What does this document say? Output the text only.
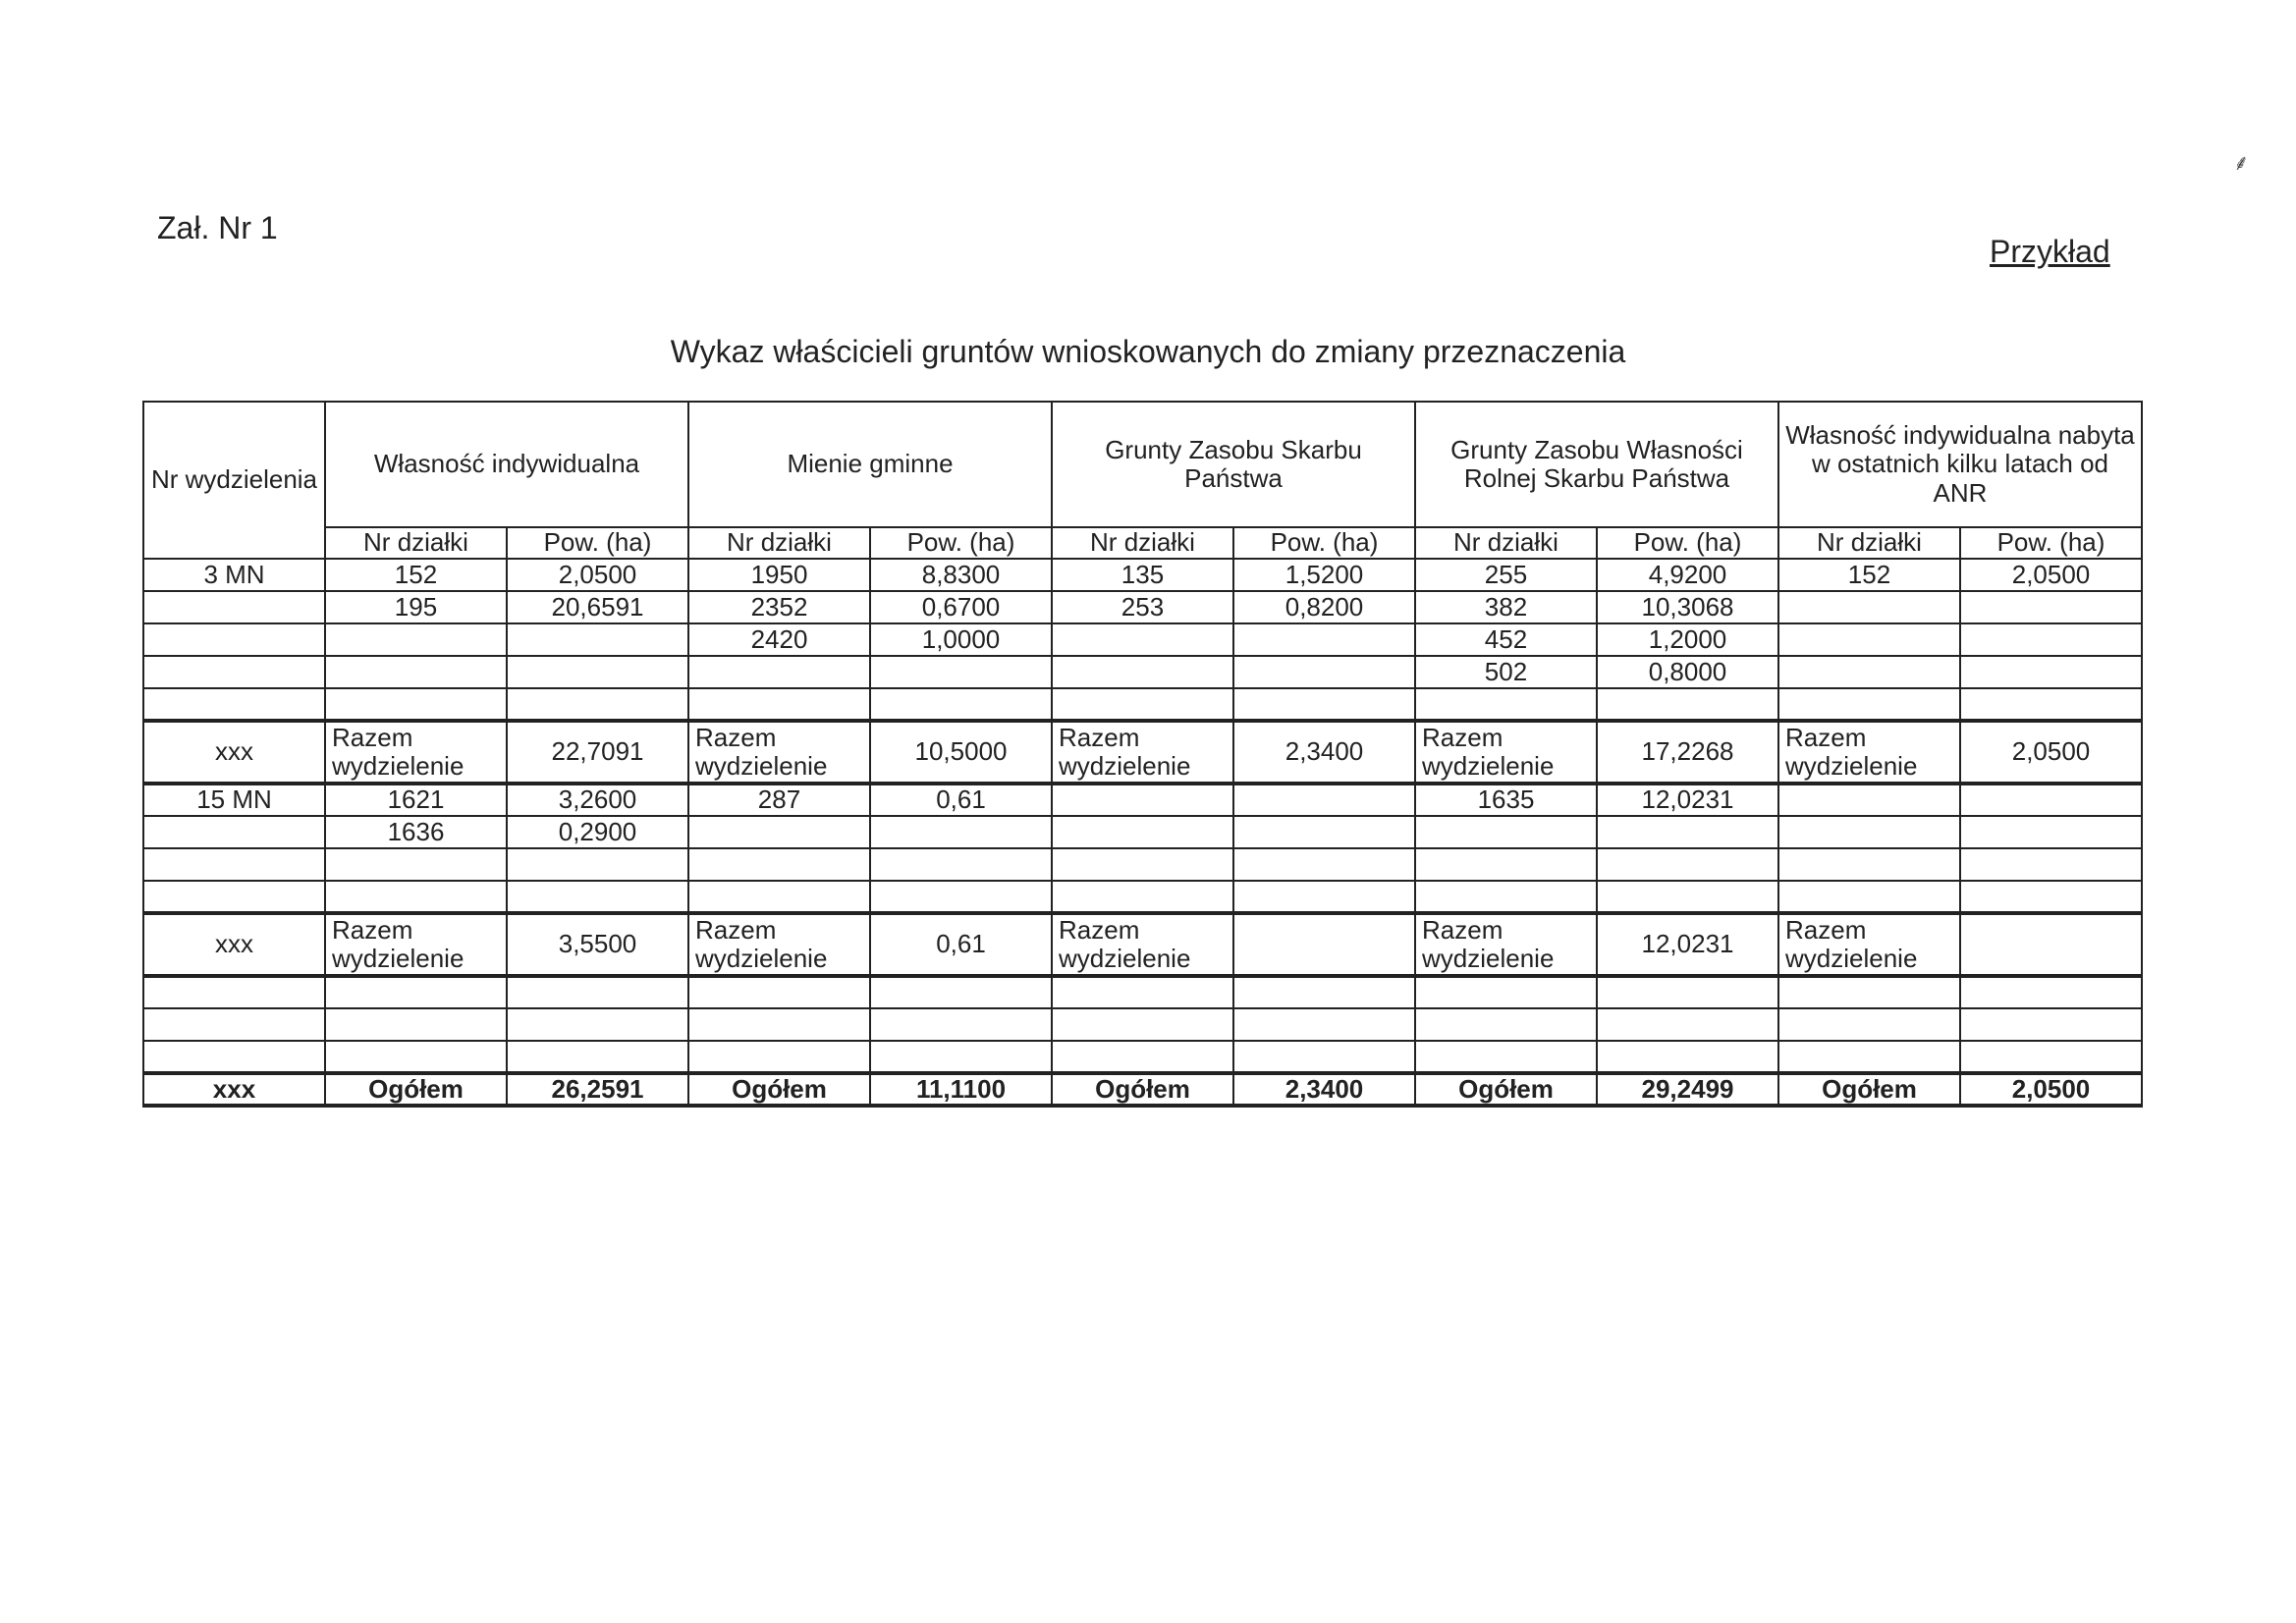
Zał. Nr 1
Przykład
Wykaz właścicieli gruntów wnioskowanych do zmiany przeznaczenia
⸙
Nr wydzielenia	Własność indywidualna		Mienie gminne		Grunty Zasobu Skarbu Państwa		Grunty Zasobu Własności Rolnej Skarbu Państwa		Własność indywidualna nabyta w ostatnich kilku latach od ANR	
	Nr działki	Pow. (ha)	Nr działki	Pow. (ha)	Nr działki	Pow. (ha)	Nr działki	Pow. (ha)	Nr działki	Pow. (ha)
3 MN	152	2,0500	1950	8,8300	135	1,5200	255	4,9200	152	2,0500
	195	20,6591	2352	0,6700	253	0,8200	382	10,3068		
			2420	1,0000			452	1,2000		
							502	0,8000		

xxx	Razem wydzielenie	22,7091	Razem wydzielenie	10,5000	Razem wydzielenie	2,3400	Razem wydzielenie	17,2268	Razem wydzielenie	2,0500
15 MN	1621	3,2600	287	0,61			1635	12,0231		
	1636	0,2900								

xxx	Razem wydzielenie	3,5500	Razem wydzielenie	0,61	Razem wydzielenie		Razem wydzielenie	12,0231	Razem wydzielenie	

xxx	Ogółem	26,2591	Ogółem	11,1100	Ogółem	2,3400	Ogółem	29,2499	Ogółem	2,0500
